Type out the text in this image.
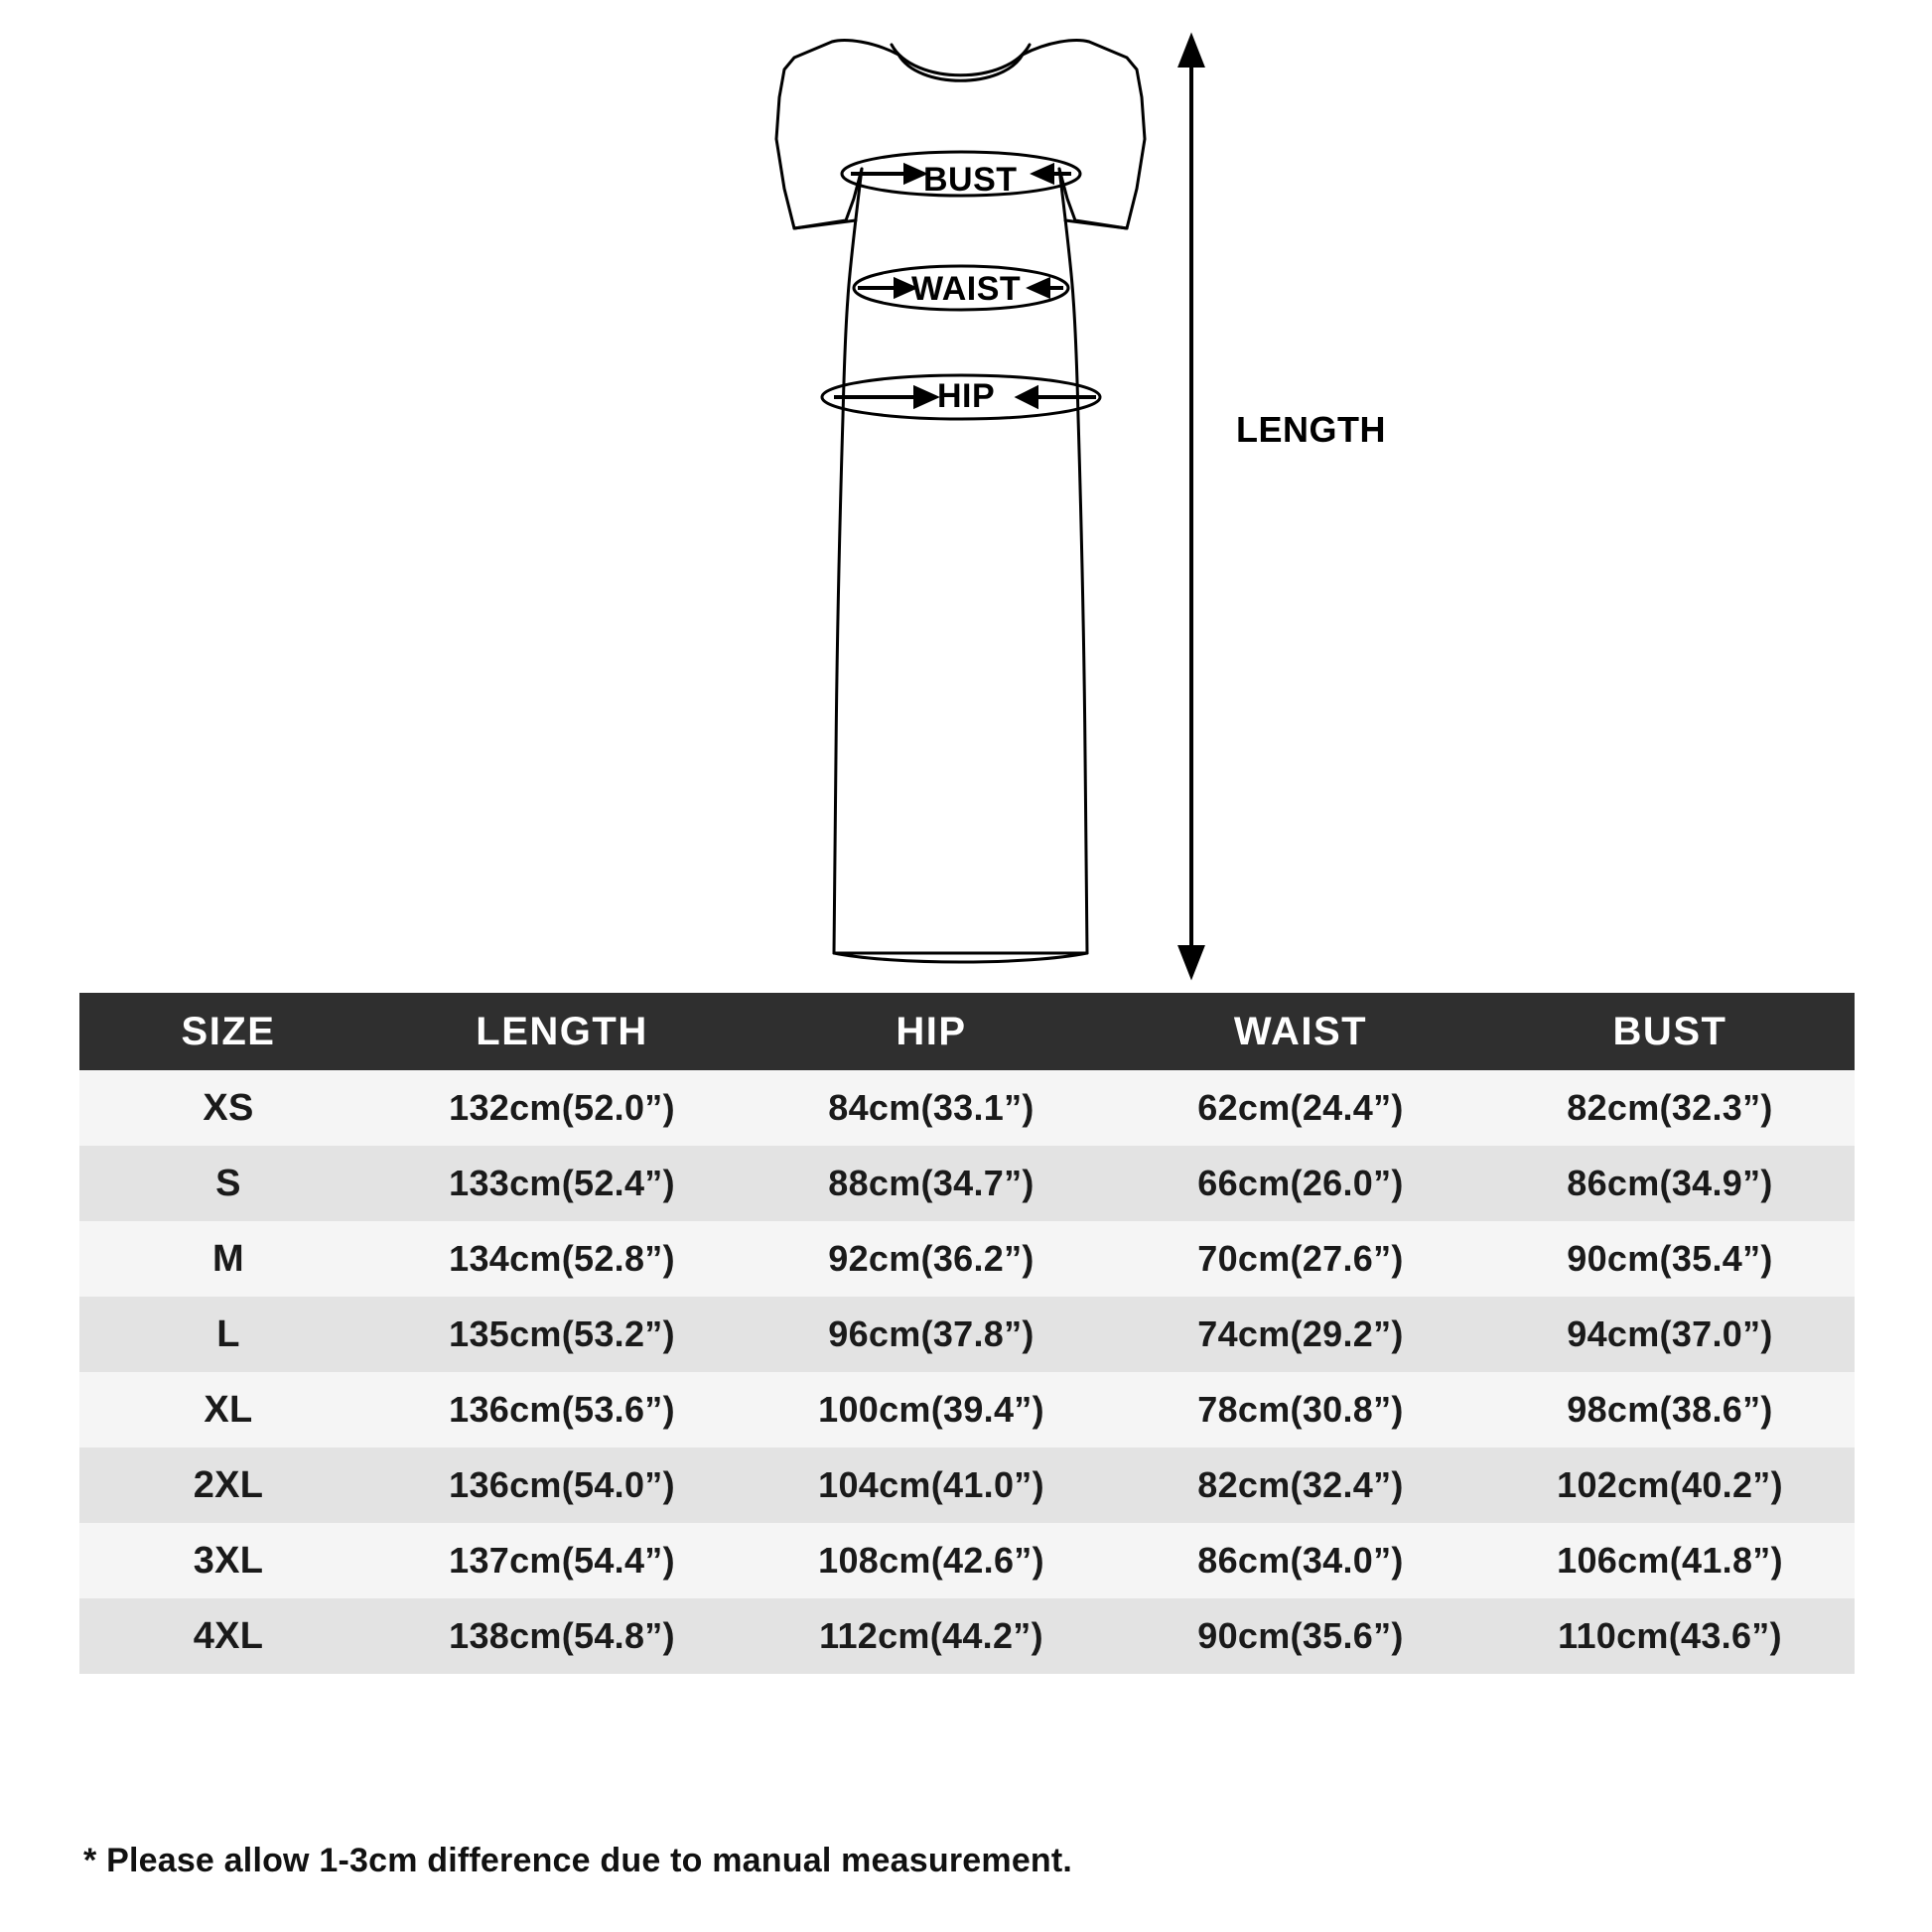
BUST
WAIST
HIP
LENGTH
SIZE	LENGTH	HIP	WAIST	BUST
XS	132cm(52.0”)	84cm(33.1”)	62cm(24.4”)	82cm(32.3”)
S	133cm(52.4”)	88cm(34.7”)	66cm(26.0”)	86cm(34.9”)
M	134cm(52.8”)	92cm(36.2”)	70cm(27.6”)	90cm(35.4”)
L	135cm(53.2”)	96cm(37.8”)	74cm(29.2”)	94cm(37.0”)
XL	136cm(53.6”)	100cm(39.4”)	78cm(30.8”)	98cm(38.6”)
2XL	136cm(54.0”)	104cm(41.0”)	82cm(32.4”)	102cm(40.2”)
3XL	137cm(54.4”)	108cm(42.6”)	86cm(34.0”)	106cm(41.8”)
4XL	138cm(54.8”)	112cm(44.2”)	90cm(35.6”)	110cm(43.6”)
* Please allow 1-3cm difference due to manual measurement.
